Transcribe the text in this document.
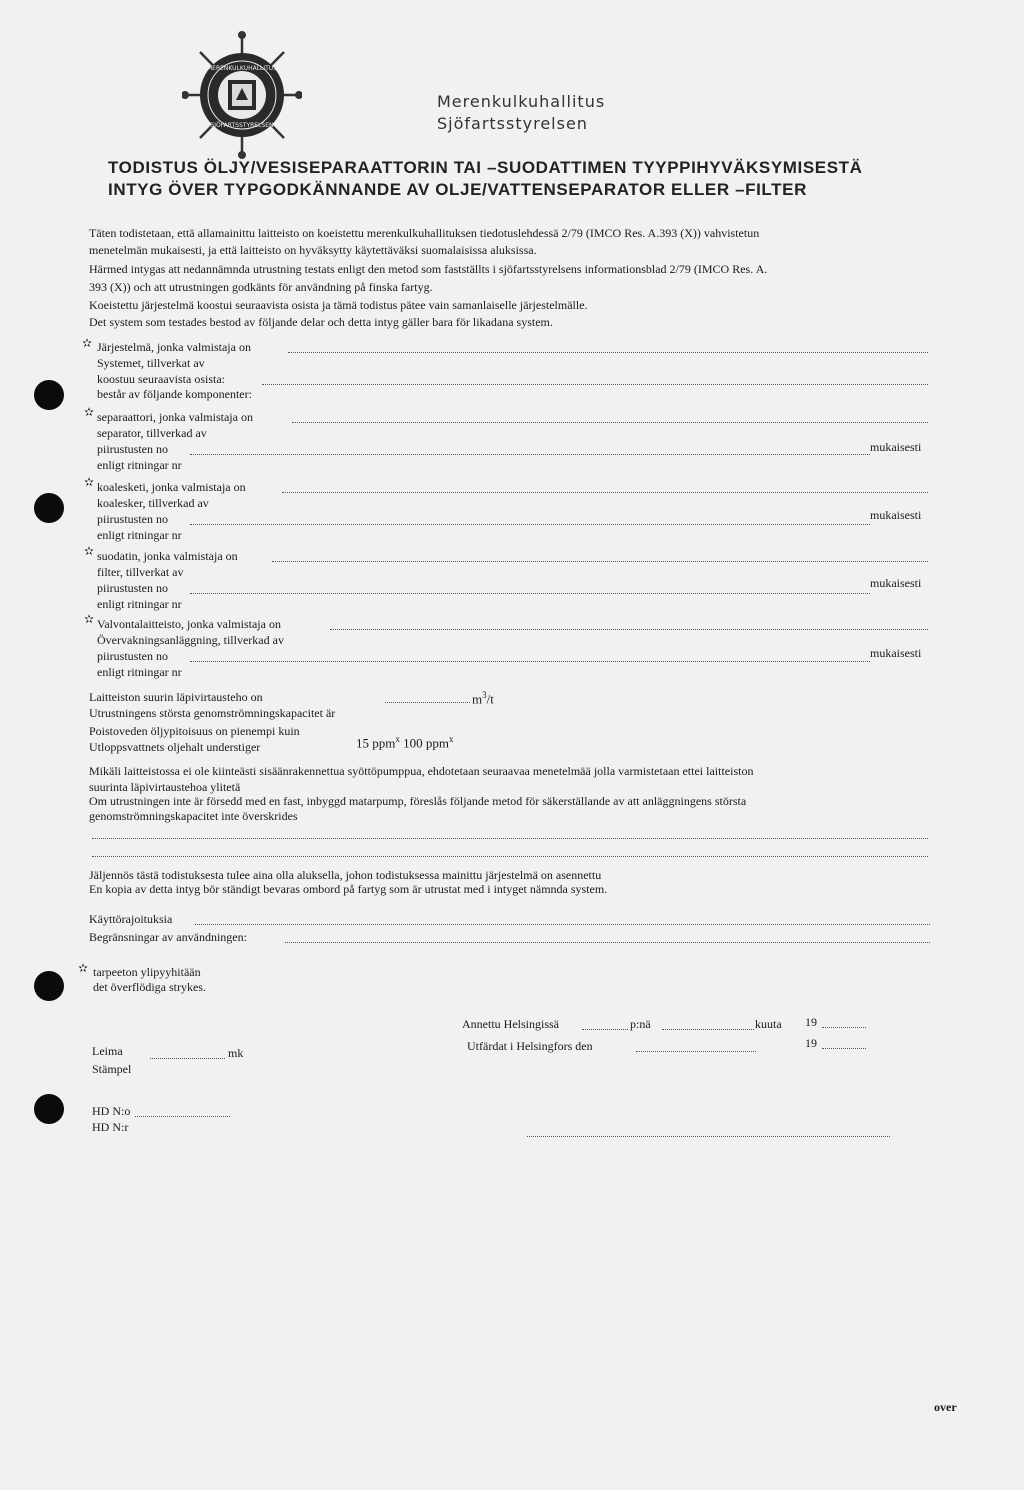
MERENKULKUHALLITUS
SJÖFARTSSTYRELSEN
Merenkulkuhallitus
Sjöfartsstyrelsen
TODISTUS ÖLJY/VESISEPARAATTORIN TAI –SUODATTIMEN TYYPPIHYVÄKSYMISESTÄ
INTYG ÖVER TYPGODKÄNNANDE AV OLJE/VATTENSEPARATOR ELLER –FILTER
Täten todistetaan, että allamainittu laitteisto on koeistettu merenkulkuhallituksen tiedotuslehdessä 2/79 (IMCO Res. A.393 (X)) vahvistetun
menetelmän mukaisesti, ja että laitteisto on hyväksytty käytettäväksi suomalaisissa aluksissa.
Härmed intygas att nedannämnda utrustning testats enligt den metod som fastställts i sjöfartsstyrelsens informationsblad 2/79 (IMCO Res. A.
393 (X)) och att utrustningen godkänts för användning på finska fartyg.
Koeistettu järjestelmä koostui seuraavista osista ja tämä todistus pätee vain samanlaiselle järjestelmälle.
Det system som testades bestod av följande delar och detta intyg gäller bara för likadana system.
✫ Järjestelmä, jonka valmistaja on
Systemet, tillverkat av
koostuu seuraavista osista:
består av följande komponenter:
✫ separaattori, jonka valmistaja on
separator, tillverkad av
piirustusten no	mukaisesti
enligt ritningar nr
✫ koalesketi, jonka valmistaja on
koalesker, tillverkad av
piirustusten no	mukaisesti
enligt ritningar nr
✫ suodatin, jonka valmistaja on
filter, tillverkat av
piirustusten no	mukaisesti
enligt ritningar nr
✫ Valvontalaitteisto, jonka valmistaja on
Övervakningsanläggning, tillverkad av
piirustusten no	mukaisesti
enligt ritningar nr
Laitteiston suurin läpivirtausteho on	$m^3/t$
Utrustningens största genomströmningskapacitet är
Poistoveden öljypitoisuus on pienempi kuin
Utloppsvattnets oljehalt understiger	15 ppm$^x$ 100 ppm$^x$
Mikäli laitteistossa ei ole kiinteästi sisäänrakennettua syöttöpumppua, ehdotetaan seuraavaa menetelmää jolla varmistetaan ettei laitteiston
suurinta läpivirtaustehoa ylitetä
Om utrustningen inte är försedd med en fast, inbyggd matarpump, föreslås följande metod för säkerställande av att anläggningens största
genomströmningskapacitet inte överskrides
Jäljennös tästä todistuksesta tulee aina olla aluksella, johon todistuksessa mainittu järjestelmä on asennettu
En kopia av detta intyg bör ständigt bevaras ombord på fartyg som är utrustat med i intyget nämnda system.
Käyttörajoituksia
Begränsningar av användningen:
✫ tarpeeton ylipyyhitään
det överflödiga strykes.
Annettu Helsingissä	p:nä	kuuta 19
Utfärdat i Helsingfors den	19
Leima	mk
Stämpel
HD N:o
HD N:r
over
